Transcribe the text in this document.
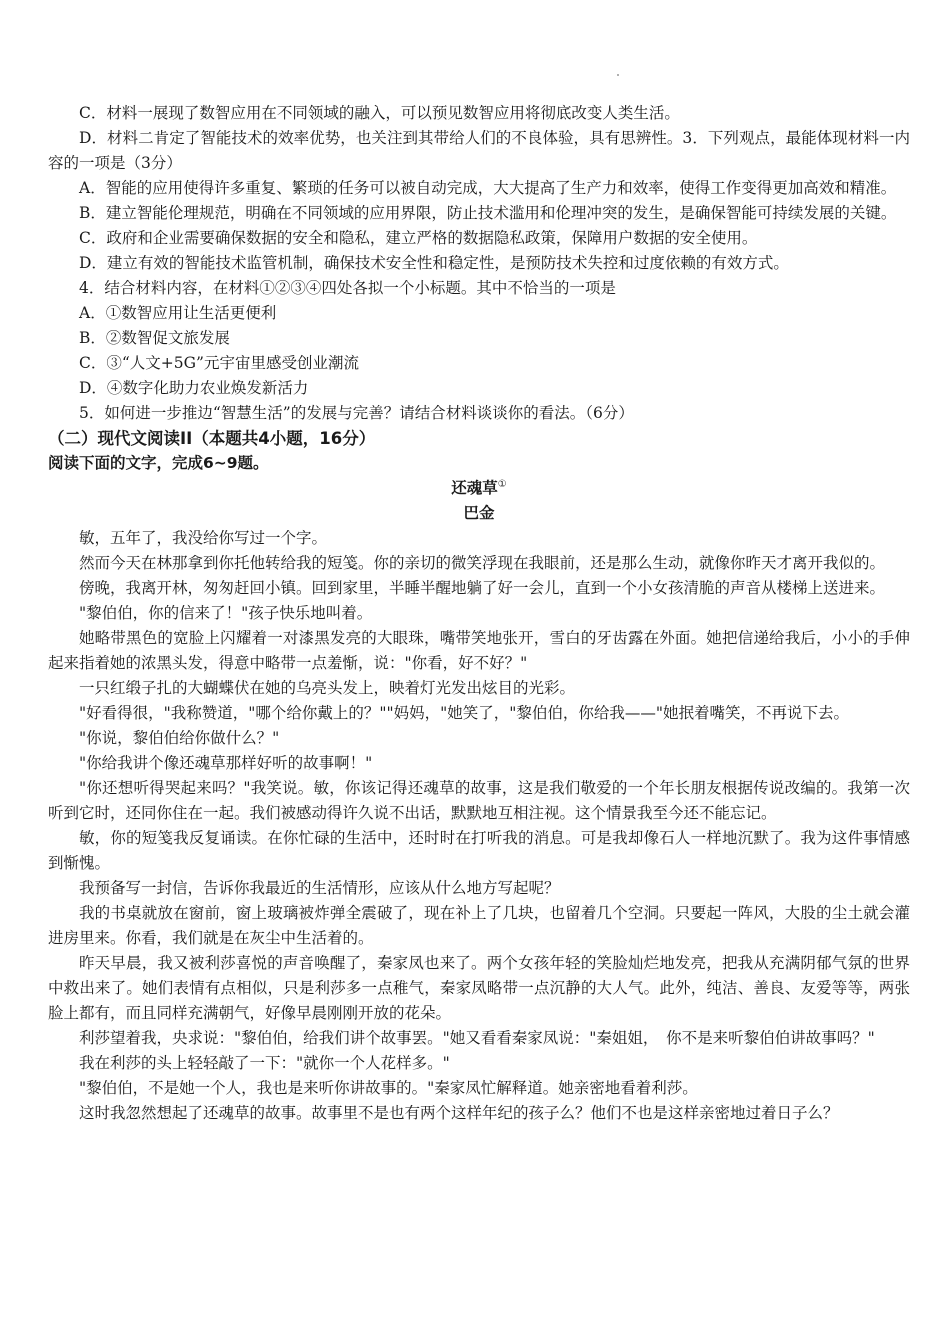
C．材料一展现了数智应用在不同领域的融入，可以预见数智应用将彻底改变人类生活。

D．材料二肯定了智能技术的效率优势，也关注到其带给人们的不良体验，具有思辨性。3．下列观点，最能体现材料一内容的一项是（3分）

A．智能的应用使得许多重复、繁琐的任务可以被自动完成，大大提高了生产力和效率，使得工作变得更加高效和精准。

B．建立智能伦理规范，明确在不同领域的应用界限，防止技术滥用和伦理冲突的发生，是确保智能可持续发展的关键。

C．政府和企业需要确保数据的安全和隐私，建立严格的数据隐私政策，保障用户数据的安全使用。

D．建立有效的智能技术监管机制，确保技术安全性和稳定性，是预防技术失控和过度依赖的有效方式。

4．结合材料内容，在材料①②③④四处各拟一个小标题。其中不恰当的一项是

A．①数智应用让生活更便利

B．②数智促文旅发展

C．③“人文+5G”元宇宙里感受创业潮流

D．④数字化助力农业焕发新活力

5．如何进一步推边“智慧生活”的发展与完善？请结合材料谈谈你的看法。（6分）

（二）现代文阅读II（本题共4小题，16分）

阅读下面的文字，完成6~9题。

还魂草①

巴金

敏，五年了，我没给你写过一个字。

然而今天在林那拿到你托他转给我的短笺。你的亲切的微笑浮现在我眼前，还是那么生动，就像你昨天才离开我似的。

傍晚，我离开林，匆匆赶回小镇。回到家里，半睡半醒地躺了好一会儿，直到一个小女孩清脆的声音从楼梯上送进来。

"黎伯伯，你的信来了！"孩子快乐地叫着。

她略带黑色的宽脸上闪耀着一对漆黑发亮的大眼珠，嘴带笑地张开，雪白的牙齿露在外面。她把信递给我后，小小的手伸起来指着她的浓黑头发，得意中略带一点羞惭，说："你看，好不好？"

一只红缎子扎的大蝴蝶伏在她的乌亮头发上，映着灯光发出炫目的光彩。

"好看得很，"我称赞道，"哪个给你戴上的？""妈妈，"她笑了，"黎伯伯，你给我——"她抿着嘴笑，不再说下去。

"你说，黎伯伯给你做什么？"

"你给我讲个像还魂草那样好听的故事啊！"

"你还想听得哭起来吗？"我笑说。敏，你该记得还魂草的故事，这是我们敬爱的一个年长朋友根据传说改编的。我第一次听到它时，还同你住在一起。我们被感动得许久说不出话，默默地互相注视。这个情景我至今还不能忘记。

敏，你的短笺我反复诵读。在你忙碌的生活中，还时时在打听我的消息。可是我却像石人一样地沉默了。我为这件事情感到惭愧。

我预备写一封信，告诉你我最近的生活情形，应该从什么地方写起呢？

我的书桌就放在窗前，窗上玻璃被炸弹全震破了，现在补上了几块，也留着几个空洞。只要起一阵风，大股的尘土就会灌进房里来。你看，我们就是在灰尘中生活着的。

昨天早晨，我又被利莎喜悦的声音唤醒了，秦家凤也来了。两个女孩年轻的笑脸灿烂地发亮，把我从充满阴郁气氛的世界中救出来了。她们表情有点相似，只是利莎多一点稚气，秦家凤略带一点沉静的大人气。此外，纯洁、善良、友爱等等，两张脸上都有，而且同样充满朝气，好像早晨刚刚开放的花朵。

利莎望着我，央求说："黎伯伯，给我们讲个故事罢。"她又看看秦家凤说："秦姐姐，　你不是来听黎伯伯讲故事吗？"

我在利莎的头上轻轻敲了一下："就你一个人花样多。"

"黎伯伯，不是她一个人，我也是来听你讲故事的。"秦家凤忙解释道。她亲密地看着利莎。

这时我忽然想起了还魂草的故事。故事里不是也有两个这样年纪的孩子么？他们不也是这样亲密地过着日子么？
